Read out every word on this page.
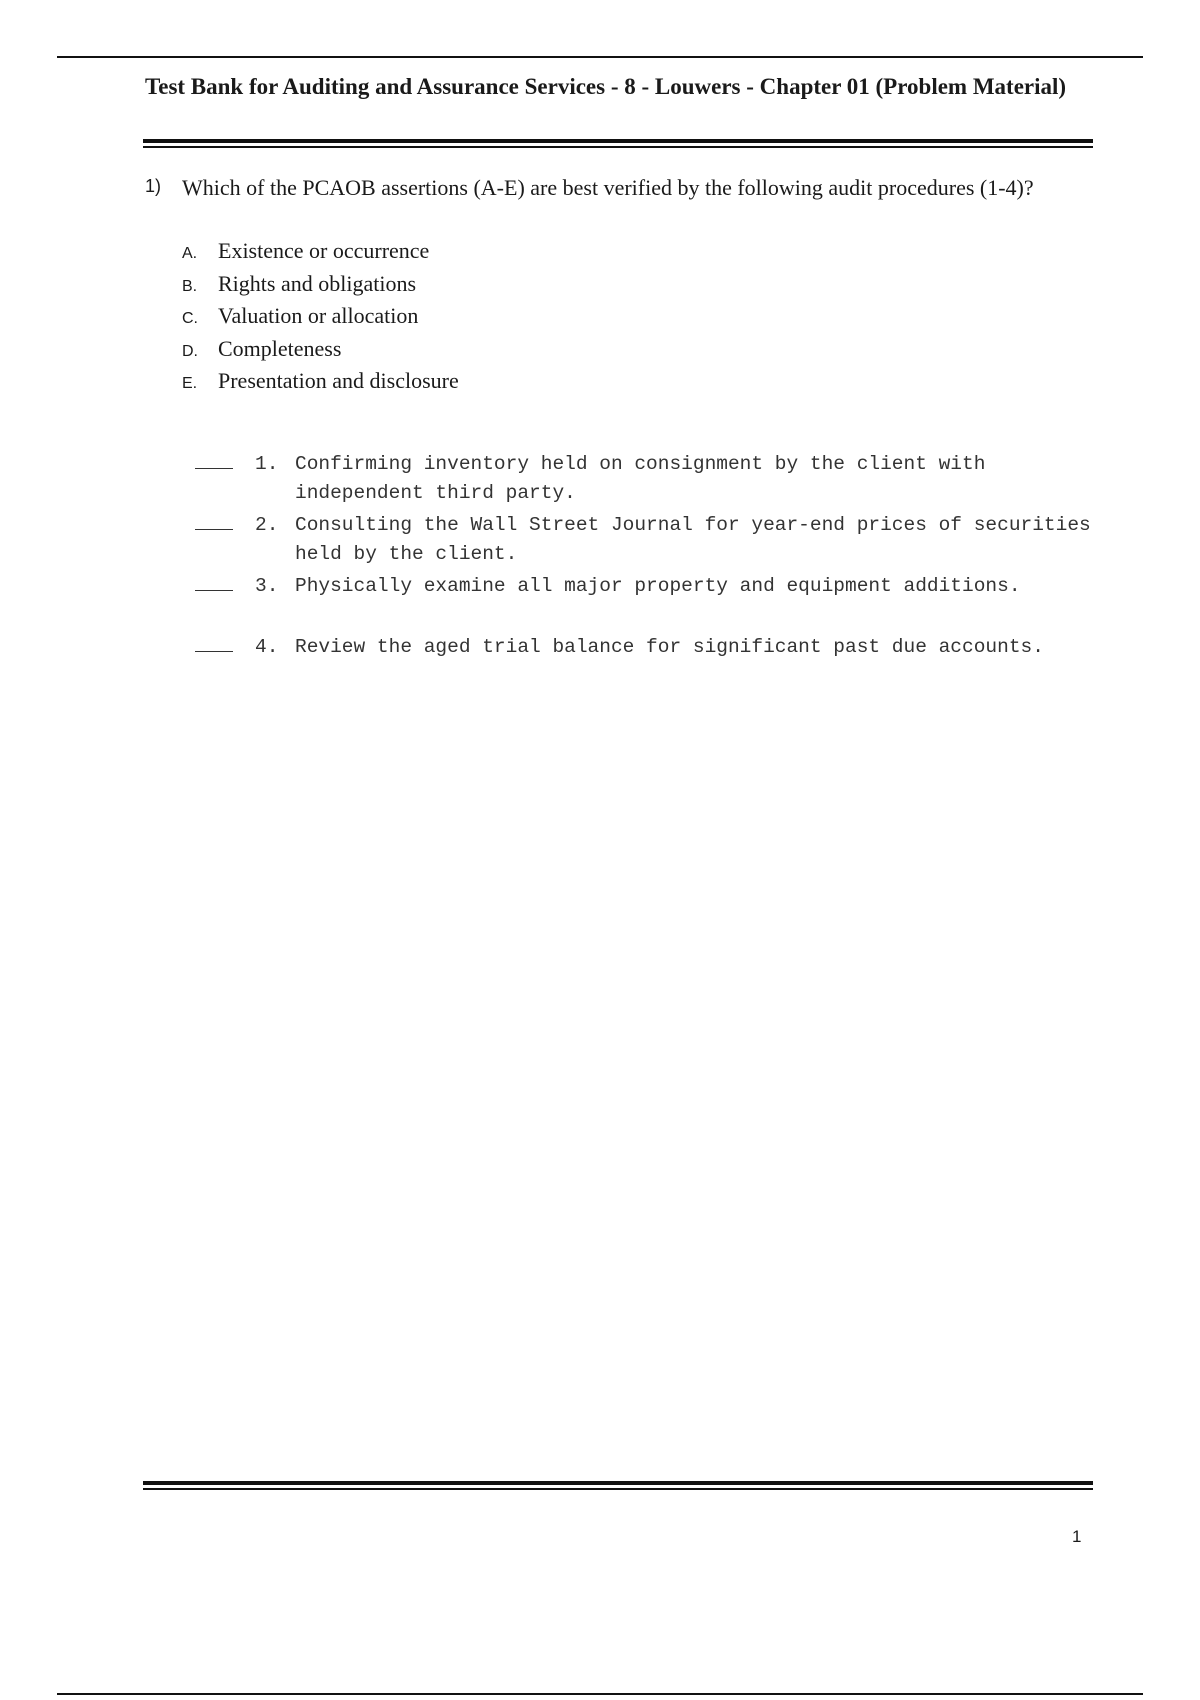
Test Bank for Auditing and Assurance Services - 8 - Louwers - Chapter 01 (Problem Material)
1) Which of the PCAOB assertions (A-E) are best verified by the following audit procedures (1-4)?
A. Existence or occurrence
B. Rights and obligations
C. Valuation or allocation
D. Completeness
E. Presentation and disclosure
1. Confirming inventory held on consignment by the client with independent third party.
2. Consulting the Wall Street Journal for year-end prices of securities held by the client.
3. Physically examine all major property and equipment additions.
4. Review the aged trial balance for significant past due accounts.
1
